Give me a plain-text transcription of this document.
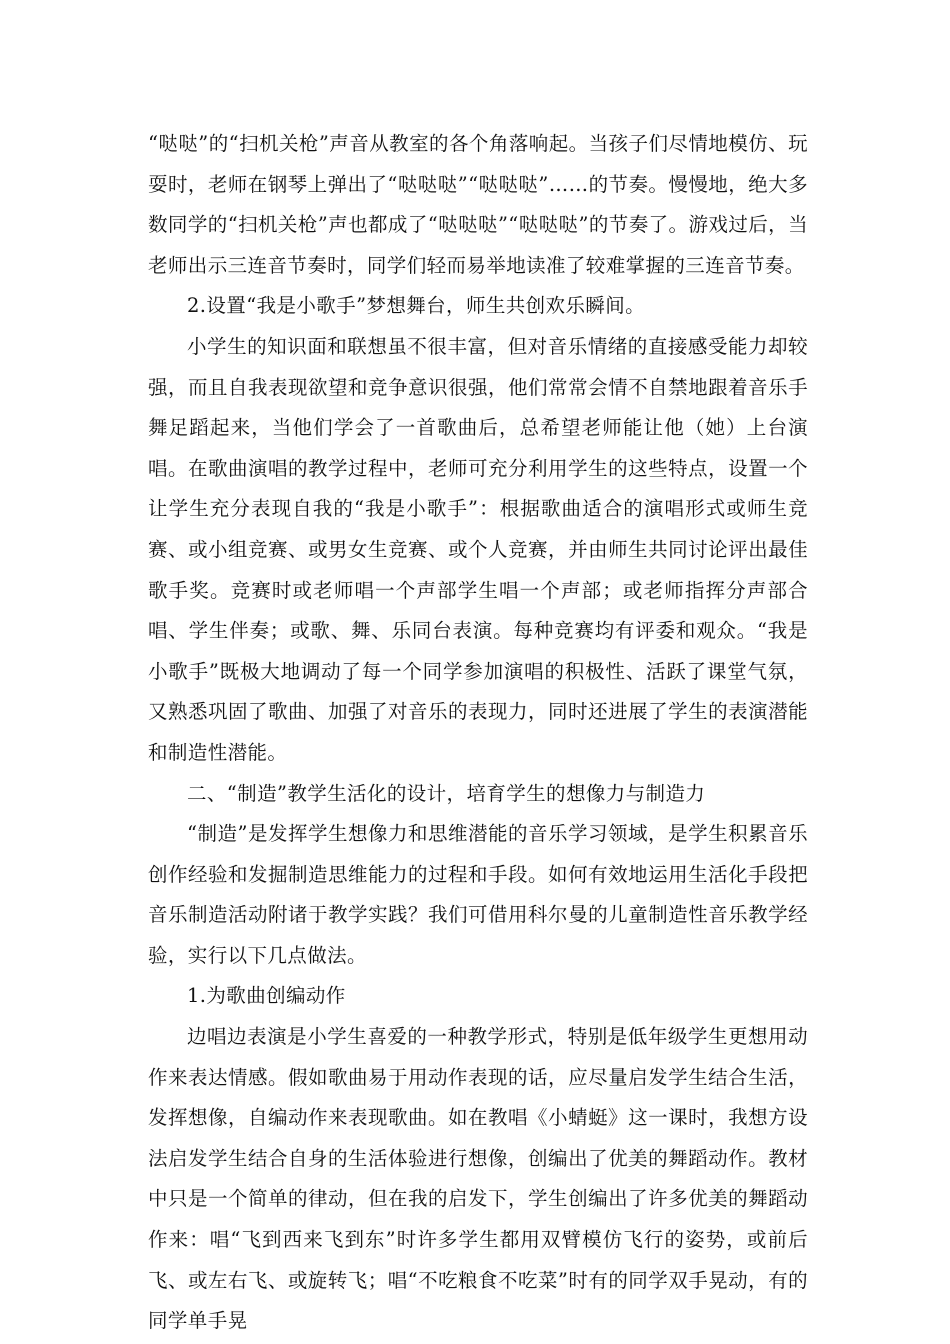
“哒哒”的“扫机关枪”声音从教室的各个角落响起。当孩子们尽情地模仿、玩耍时，老师在钢琴上弹出了“哒哒哒”“哒哒哒”……的节奏。慢慢地，绝大多数同学的“扫机关枪”声也都成了“哒哒哒”“哒哒哒”的节奏了。游戏过后，当老师出示三连音节奏时，同学们轻而易举地读准了较难掌握的三连音节奏。

2.设置“我是小歌手”梦想舞台，师生共创欢乐瞬间。

小学生的知识面和联想虽不很丰富，但对音乐情绪的直接感受能力却较强，而且自我表现欲望和竞争意识很强，他们常常会情不自禁地跟着音乐手舞足蹈起来，当他们学会了一首歌曲后，总希望老师能让他（她）上台演唱。在歌曲演唱的教学过程中，老师可充分利用学生的这些特点，设置一个让学生充分表现自我的“我是小歌手”：根据歌曲适合的演唱形式或师生竞赛、或小组竞赛、或男女生竞赛、或个人竞赛，并由师生共同讨论评出最佳歌手奖。竞赛时或老师唱一个声部学生唱一个声部；或老师指挥分声部合唱、学生伴奏；或歌、舞、乐同台表演。每种竞赛均有评委和观众。“我是小歌手”既极大地调动了每一个同学参加演唱的积极性、活跃了课堂气氛，又熟悉巩固了歌曲、加强了对音乐的表现力，同时还进展了学生的表演潜能和制造性潜能。

二、“制造”教学生活化的设计，培育学生的想像力与制造力

“制造”是发挥学生想像力和思维潜能的音乐学习领域，是学生积累音乐创作经验和发掘制造思维能力的过程和手段。如何有效地运用生活化手段把音乐制造活动附诸于教学实践？我们可借用科尔曼的儿童制造性音乐教学经验，实行以下几点做法。

1.为歌曲创编动作

边唱边表演是小学生喜爱的一种教学形式，特别是低年级学生更想用动作来表达情感。假如歌曲易于用动作表现的话，应尽量启发学生结合生活，发挥想像，自编动作来表现歌曲。如在教唱《小蜻蜓》这一课时，我想方设法启发学生结合自身的生活体验进行想像，创编出了优美的舞蹈动作。教材中只是一个简单的律动，但在我的启发下，学生创编出了许多优美的舞蹈动作来：唱“飞到西来飞到东”时许多学生都用双臂模仿飞行的姿势，或前后飞、或左右飞、或旋转飞；唱“不吃粮食不吃菜”时有的同学双手晃动，有的同学单手晃
